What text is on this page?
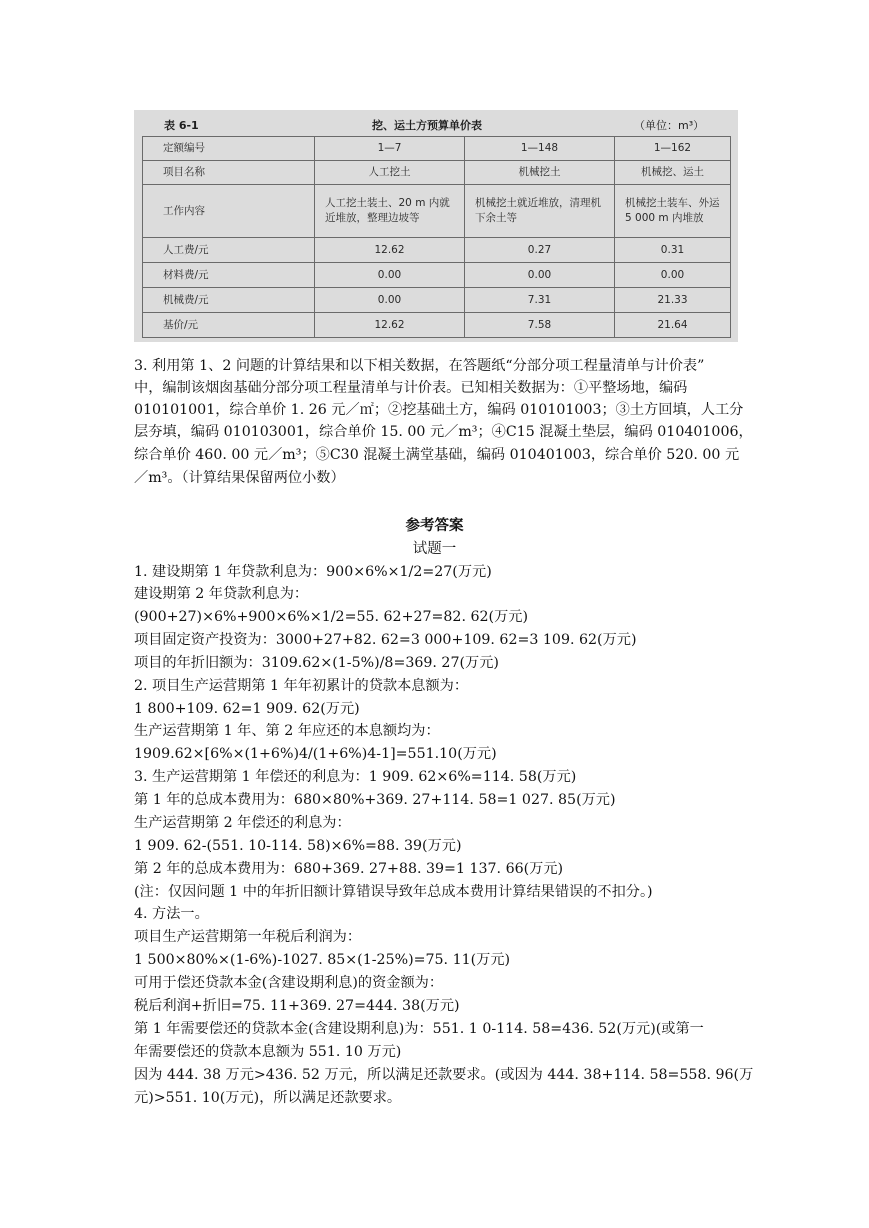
表 6-1	挖、运土方预算单价表	（单位：m³）
定额编号	1—7	1—148	1—162
项目名称	人工挖土	机械挖土	机械挖、运土
工作内容	人工挖土装土、20 m 内就近堆放，整理边坡等	机械挖土就近堆放，清理机下余土等	机械挖土装车、外运 5 000 m 内堆放
人工费/元	12.62	0.27	0.31
材料费/元	0.00	0.00	0.00
机械费/元	0.00	7.31	21.33
基价/元	12.62	7.58	21.64
3. 利用第 1、2 问题的计算结果和以下相关数据，在答题纸“分部分项工程量清单与计价表”
中，编制该烟囱基础分部分项工程量清单与计价表。已知相关数据为：①平整场地，编码
010101001，综合单价 1. 26 元／㎡；②挖基础土方，编码 010101003；③土方回填，人工分
层夯填，编码 010103001，综合单价 15. 00 元／m³；④C15 混凝土垫层，编码 010401006，
综合单价 460. 00 元／m³；⑤C30 混凝土满堂基础，编码 010401003，综合单价 520. 00 元
／m³。（计算结果保留两位小数）
参考答案
试题一
1. 建设期第 1 年贷款利息为：900×6%×1/2=27(万元)
建设期第 2 年贷款利息为：
(900+27)×6%+900×6%×1/2=55. 62+27=82. 62(万元)
项目固定资产投资为：3000+27+82. 62=3 000+109. 62=3 109. 62(万元)
项目的年折旧额为：3109.62×(1-5%)/8=369. 27(万元)
2. 项目生产运营期第 1 年年初累计的贷款本息额为：
1 800+109. 62=1 909. 62(万元)
生产运营期第 1 年、第 2 年应还的本息额均为：
1909.62×[6%×(1+6%)4/(1+6%)4-1]=551.10(万元)
3. 生产运营期第 1 年偿还的利息为：1 909. 62×6%=114. 58(万元)
第 1 年的总成本费用为：680×80%+369. 27+114. 58=1 027. 85(万元)
生产运营期第 2 年偿还的利息为：
1 909. 62-(551. 10-114. 58)×6%=88. 39(万元)
第 2 年的总成本费用为：680+369. 27+88. 39=1 137. 66(万元)
(注：仅因问题 1 中的年折旧额计算错误导致年总成本费用计算结果错误的不扣分。)
4. 方法一。
项目生产运营期第一年税后利润为：
1 500×80%×(1-6%)-1027. 85×(1-25%)=75. 11(万元)
可用于偿还贷款本金(含建设期利息)的资金额为：
税后利润+折旧=75. 11+369. 27=444. 38(万元)
第 1 年需要偿还的贷款本金(含建设期利息)为：551. 1 0-114. 58=436. 52(万元)(或第一
年需要偿还的贷款本息额为 551. 10 万元)
因为 444. 38 万元>436. 52 万元，所以满足还款要求。(或因为 444. 38+114. 58=558. 96(万
元)>551. 10(万元)，所以满足还款要求。
